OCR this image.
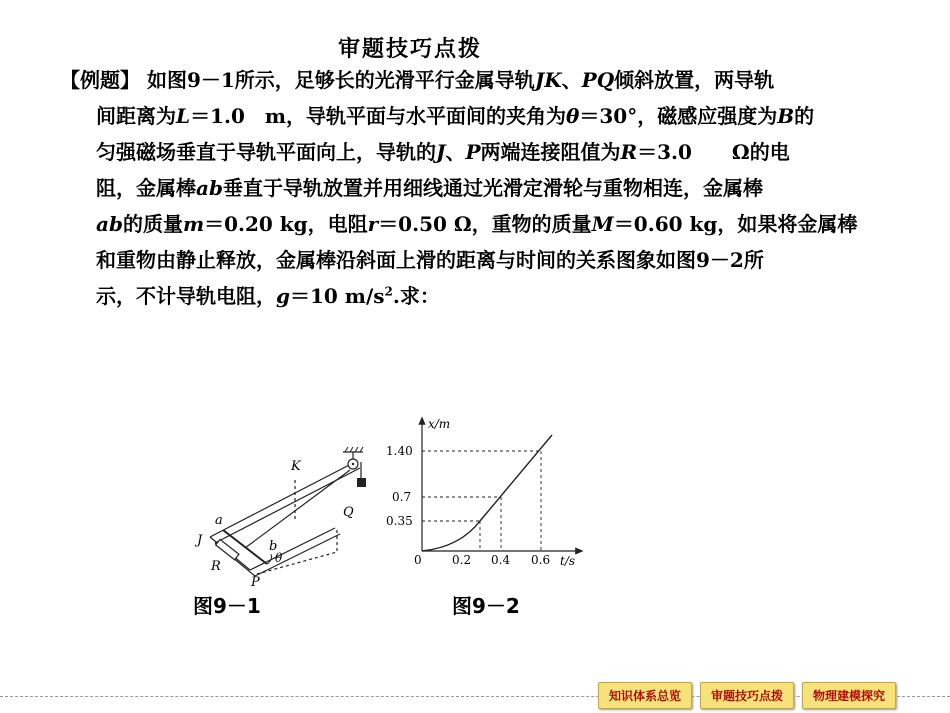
审题技巧点拨
【例题】 如图9－1所示，足够长的光滑平行金属导轨JK、PQ倾斜放置，两导轨
间距离为L＝1.0　m，导轨平面与水平面间的夹角为θ＝30°，磁感应强度为B的
匀强磁场垂直于导轨平面向上，导轨的J、P两端连接阻值为R＝3.0　　Ω的电
阻，金属棒ab垂直于导轨放置并用细线通过光滑定滑轮与重物相连，金属棒
ab的质量m＝0.20 kg，电阻r＝0.50 Ω，重物的质量M＝0.60 kg，如果将金属棒
和重物由静止释放，金属棒沿斜面上滑的距离与时间的关系图象如图9－2所
示，不计导轨电阻，g＝10 $m/s^2$.求：
K
Q
a
b
J
R
P
θ
x/m
t/s
0	0.2 0.4 0.6
0.35
0.7
1.40
图9－1	图9－2
知识体系总览	审题技巧点拨	物理建模探究
